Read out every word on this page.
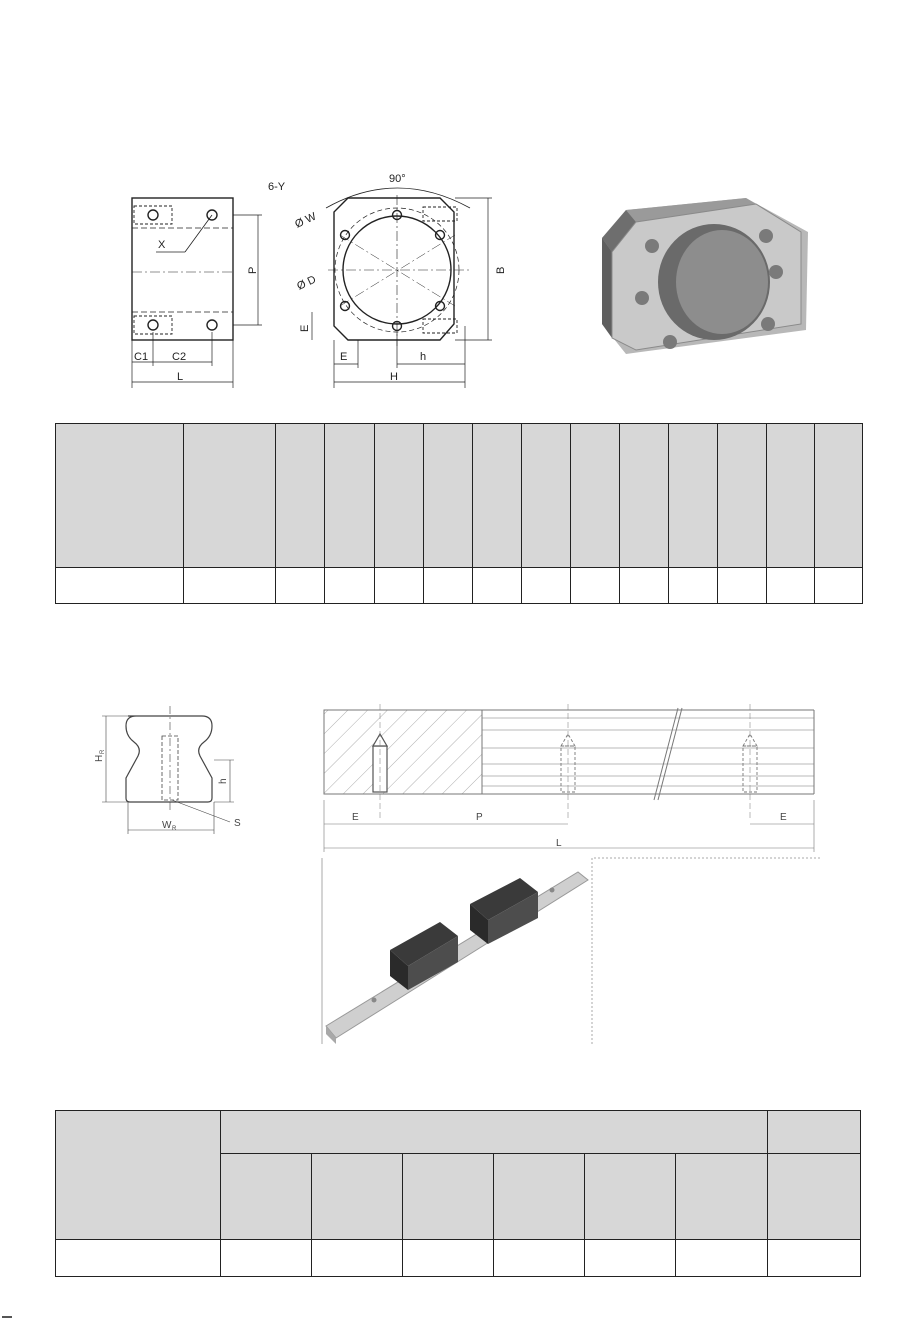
X
P
C1 C2
L
90°
6-Y
Ø W
Ø D
B
E
E	h
H

H
R
h
W R	S
E	P	E
L
